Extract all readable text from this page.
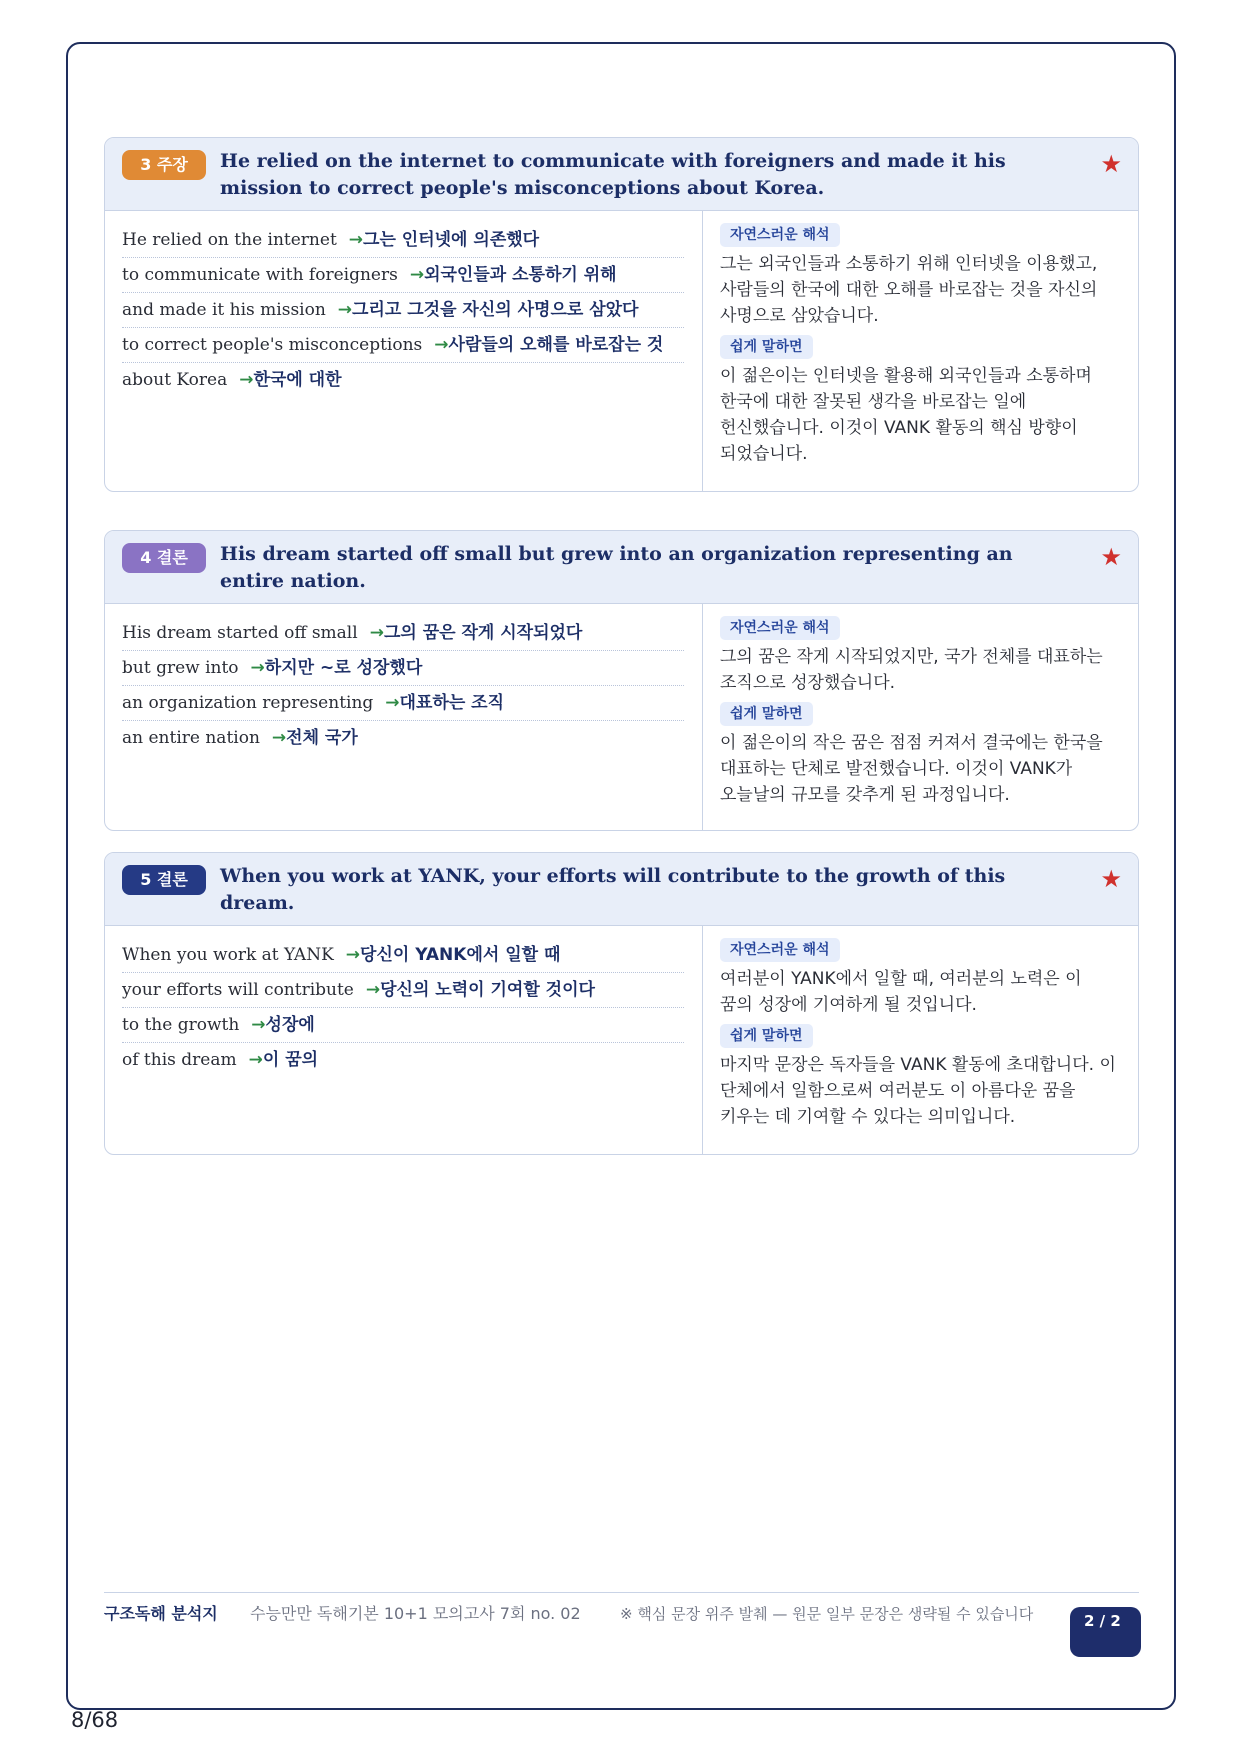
3 주장	He relied on the internet to communicate with foreigners and made it his mission to correct people's misconceptions about Korea.
★
He relied on the internet →그는 인터넷에 의존했다
to communicate with foreigners →외국인들과 소통하기 위해
and made it his mission →그리고 그것을 자신의 사명으로 삼았다
to correct people's misconceptions →사람들의 오해를 바로잡는 것
about Korea →한국에 대한
자연스러운 해석

그는 외국인들과 소통하기 위해 인터넷을 이용했고, 사람들의 한국에 대한 오해를 바로잡는 것을 자신의 사명으로 삼았습니다.

쉽게 말하면

이 젊은이는 인터넷을 활용해 외국인들과 소통하며 한국에 대한 잘못된 생각을 바로잡는 일에 헌신했습니다. 이것이 VANK 활동의 핵심 방향이 되었습니다.

4 결론	His dream started off small but grew into an organization representing an entire nation.
★
His dream started off small →그의 꿈은 작게 시작되었다
but grew into →하지만 ~로 성장했다
an organization representing →대표하는 조직
an entire nation →전체 국가
자연스러운 해석

그의 꿈은 작게 시작되었지만, 국가 전체를 대표하는 조직으로 성장했습니다.

쉽게 말하면

이 젊은이의 작은 꿈은 점점 커져서 결국에는 한국을 대표하는 단체로 발전했습니다. 이것이 VANK가 오늘날의 규모를 갖추게 된 과정입니다.

5 결론	When you work at YANK, your efforts will contribute to the growth of this dream.
★
When you work at YANK →당신이 YANK에서 일할 때
your efforts will contribute →당신의 노력이 기여할 것이다
to the growth →성장에
of this dream →이 꿈의
자연스러운 해석

여러분이 YANK에서 일할 때, 여러분의 노력은 이 꿈의 성장에 기여하게 될 것입니다.

쉽게 말하면

마지막 문장은 독자들을 VANK 활동에 초대합니다. 이 단체에서 일함으로써 여러분도 이 아름다운 꿈을 키우는 데 기여할 수 있다는 의미입니다.

구조독해 분석지	수능만만 독해기본 10+1 모의고사 7회 no. 02	※ 핵심 문장 위주 발췌 — 원문 일부 문장은 생략될 수 있습니다	2 / 2
8/68
